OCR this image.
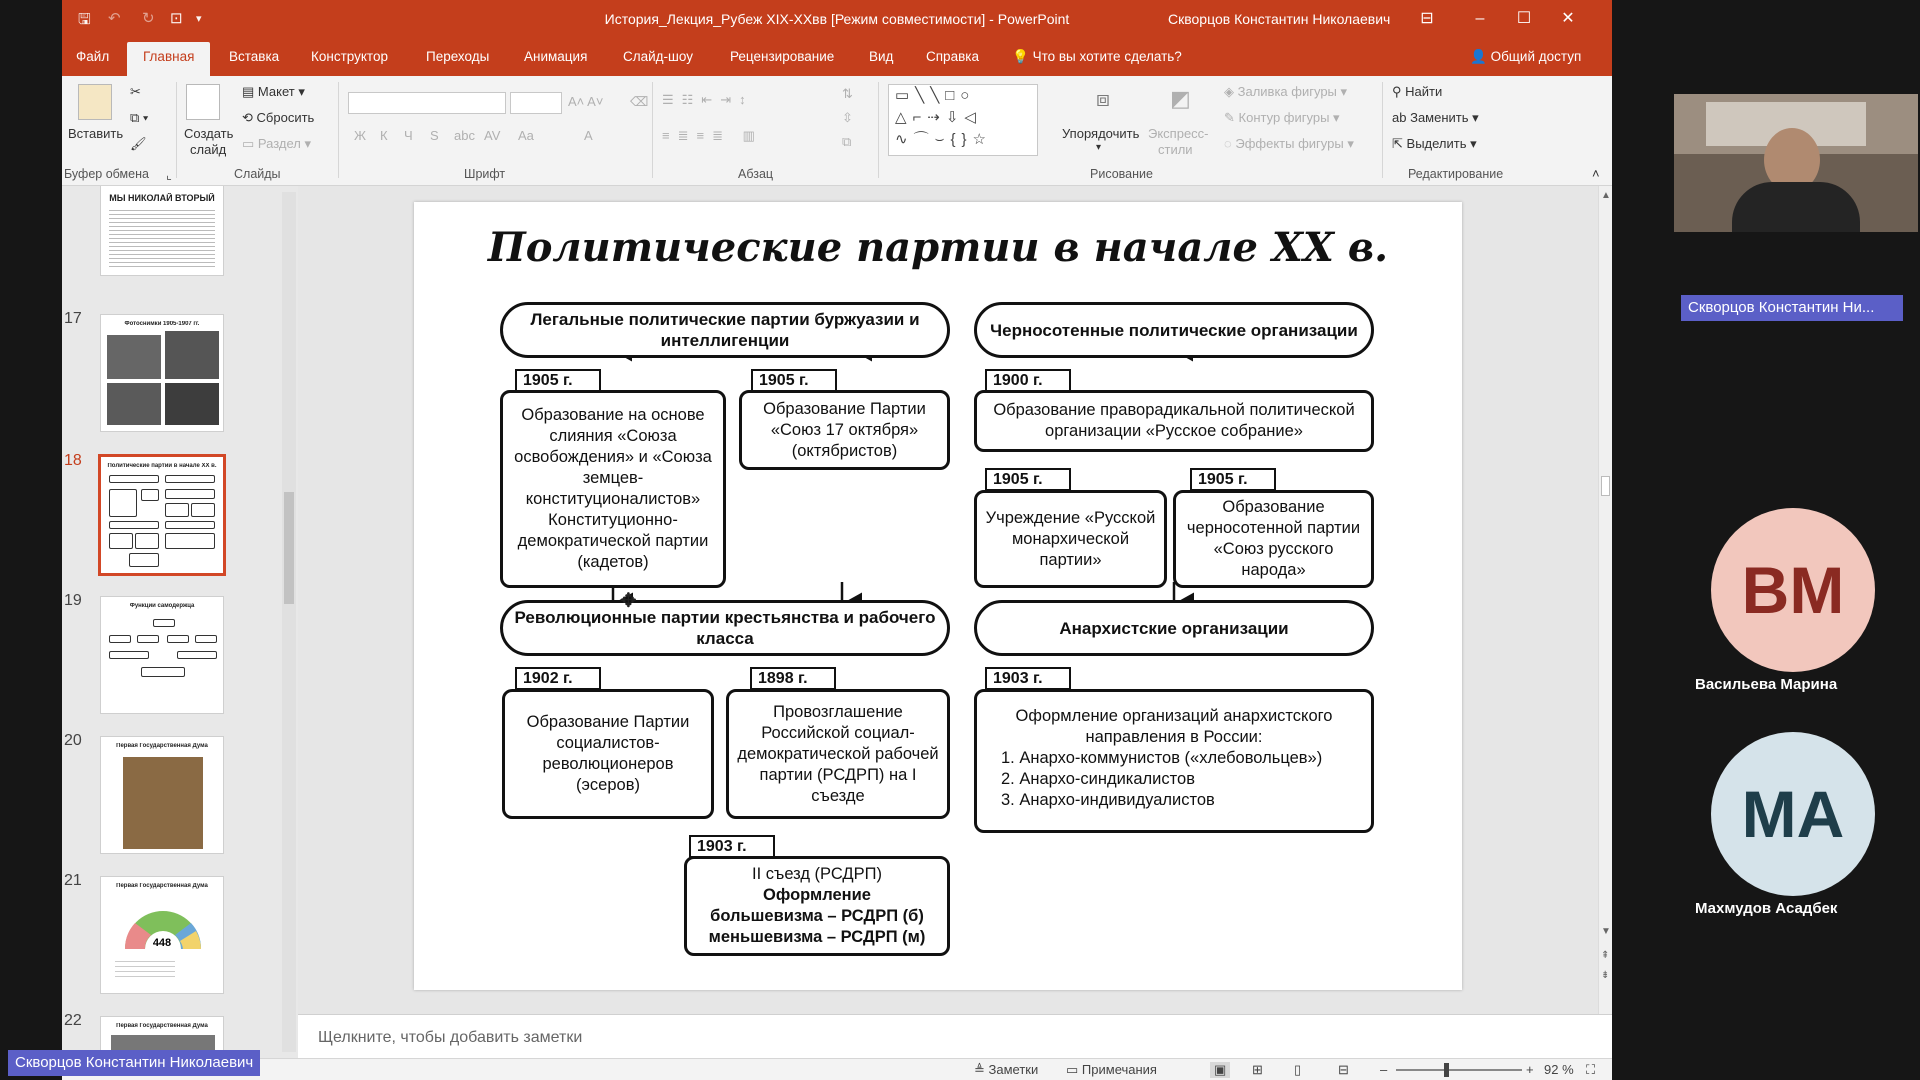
🖫 ↶ ↻ ⊡ ▾	История_Лекция_Рубеж XIX-XXвв [Режим совместимости] - PowerPoint	Скворцов Константин Николаевич	⊟	–	☐	✕
Файл	Главная	Вставка Конструктор	Переходы	Анимация	Слайд-шоу	Рецензирование	Вид Справка 💡 Что вы хотите сделать?	👤 Общий доступ
Вставить
✂
⧉ ▾
🖌
Буфер обмена ⌞
Создать
слайд
▤ Макет ▾
⟲ Сбросить
▭ Раздел ▾
Слайды
A˄ A˅ ⌫
Ж К Ч S abc AV Aa	A
Шрифт
☰☷⇤⇥↕
≡≣≡≣ ▥
⇅
⇳
⧉
Абзац
▭╲╲□○
△⌐⇢⇩◁
∿⌒⌣{}☆
⧈
Упорядочить
▾
◩
Экспресс-
стили
◈ Заливка фигуры ▾
✎ Контур фигуры ▾
◌ Эффекты фигуры ▾
Рисование
⚲ Найти
ab Заменить ▾
⇱ Выделить ▾
Редактирование	˄
МЫ НИКОЛАЙ ВТОРЫЙ
17	Фотоснимки 1905-1907 гг.
18	Политические партии в начале XX в.
19	Функции самодержца
20	Первая Государственная Дума
21	Первая Государственная Дума
448
22	Первая Государственная Дума
Политические партии в начале XX в.
Легальные политические партии буржуазии и интеллигенции
1905 г.
Образование на основе слияния «Союза освобождения» и «Союза земцев-конституционалистов» Конституционно-демократической партии (кадетов)
1905 г.
Образование Партии «Союз 17 октября» (октябристов)
Черносотенные политические организации
1900 г.
Образование праворадикальной политической организации «Русское собрание»
1905 г.
Учреждение «Русской монархической партии»
1905 г.
Образование черносотенной партии «Союз русского народа»
Революционные партии крестьянства и рабочего класса
1902 г.
Образование Партии социалистов-революционеров (эсеров)
1898 г.
Провозглашение Российской социал-демократической рабочей партии (РСДРП) на I съезде
1903 г.
II съезд (РСДРП)
Оформление
большевизма – РСДРП (б)
меньшевизма – РСДРП (м)
Анархистские организации
1903 г.
Оформление организаций анархистского направления в России:
1. Анархо-коммунистов («хлебовольцев»)
2. Анархо-синдикалистов
3. Анархо-индивидуалистов
✥
▲
▼
⇞
⇟
Щелкните, чтобы добавить заметки
≜ Заметки ▭ Примечания	▣	⊞ ▯	⊟ –	+ 92 % ⛶
Скворцов Константин Ни...
ВМ
Васильева Марина
МА
Махмудов Асадбек
Скворцов Константин Николаевич
